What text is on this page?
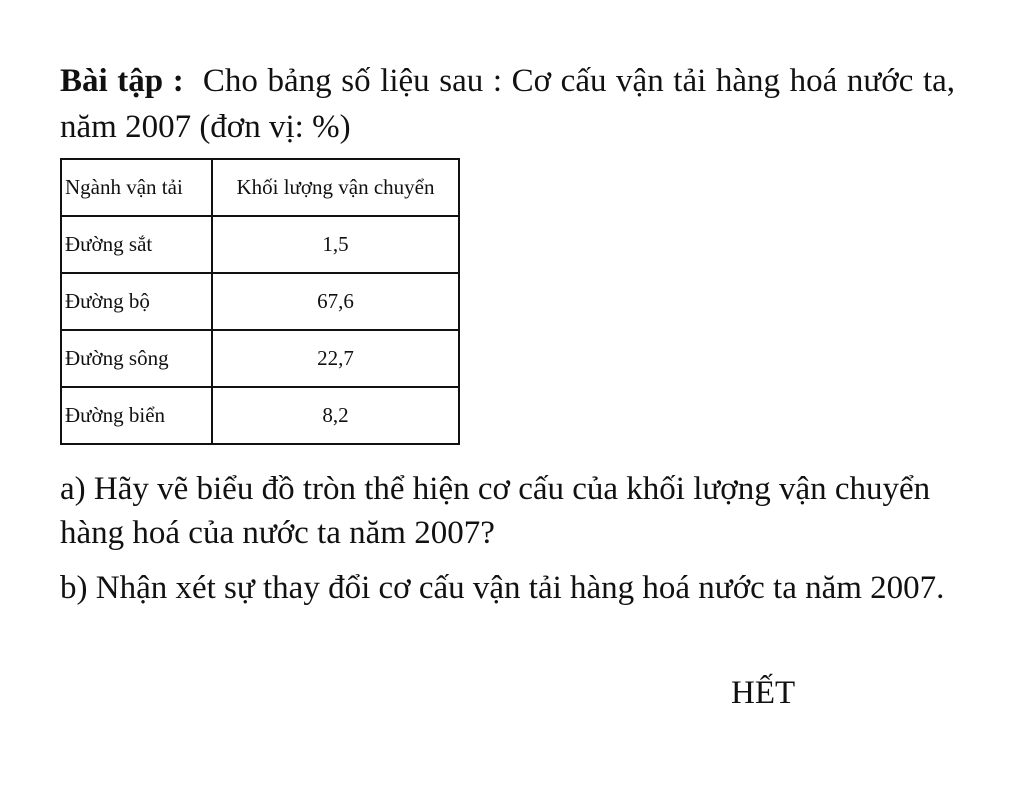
Bài tập : Cho bảng số liệu sau : Cơ cấu vận tải hàng hoá nước ta, năm 2007 (đơn vị: %)

Ngành vận tải	Khối lượng vận chuyển
Đường sắt	1,5
Đường bộ	67,6
Đường sông	22,7
Đường biển	8,2

a) Hãy vẽ biểu đồ tròn thể hiện cơ cấu của khối lượng vận chuyển hàng hoá của nước ta năm 2007?

b) Nhận xét sự thay đổi cơ cấu vận tải hàng hoá nước ta năm 2007.

HẾT
